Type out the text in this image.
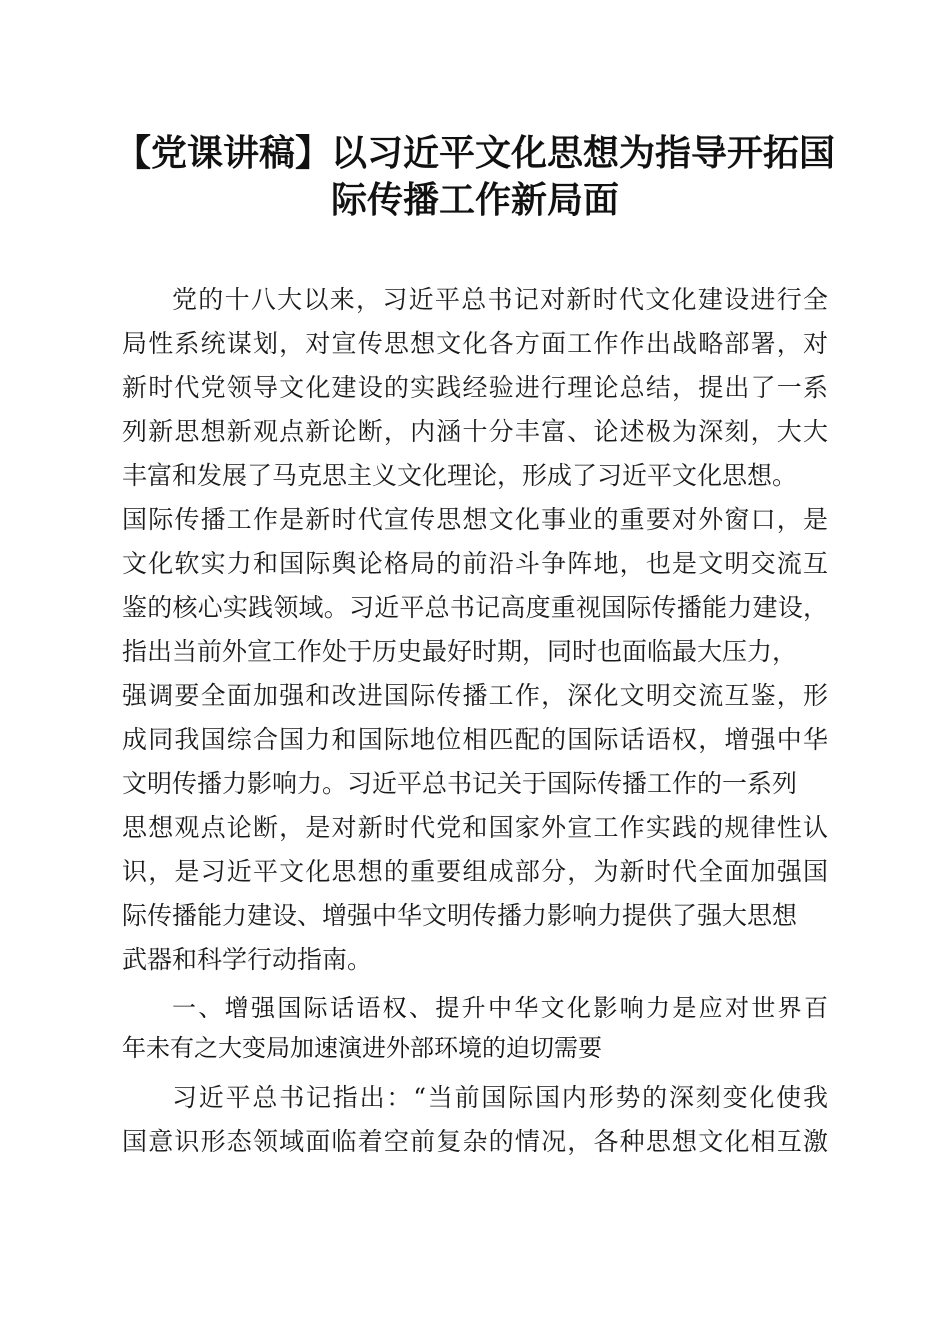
【党课讲稿】以习近平文化思想为指导开拓国
际传播工作新局面
党的十八大以来，习近平总书记对新时代文化建设进行全
局性系统谋划，对宣传思想文化各方面工作作出战略部署，对
新时代党领导文化建设的实践经验进行理论总结，提出了一系
列新思想新观点新论断，内涵十分丰富、论述极为深刻，大大
丰富和发展了马克思主义文化理论，形成了习近平文化思想。
国际传播工作是新时代宣传思想文化事业的重要对外窗口，是
文化软实力和国际舆论格局的前沿斗争阵地，也是文明交流互
鉴的核心实践领域。习近平总书记高度重视国际传播能力建设，
指出当前外宣工作处于历史最好时期，同时也面临最大压力，
强调要全面加强和改进国际传播工作，深化文明交流互鉴，形
成同我国综合国力和国际地位相匹配的国际话语权，增强中华
文明传播力影响力。习近平总书记关于国际传播工作的一系列
思想观点论断，是对新时代党和国家外宣工作实践的规律性认
识，是习近平文化思想的重要组成部分，为新时代全面加强国
际传播能力建设、增强中华文明传播力影响力提供了强大思想
武器和科学行动指南。
一、增强国际话语权、提升中华文化影响力是应对世界百
年未有之大变局加速演进外部环境的迫切需要
习近平总书记指出：“当前国际国内形势的深刻变化使我
国意识形态领域面临着空前复杂的情况，各种思想文化相互激
